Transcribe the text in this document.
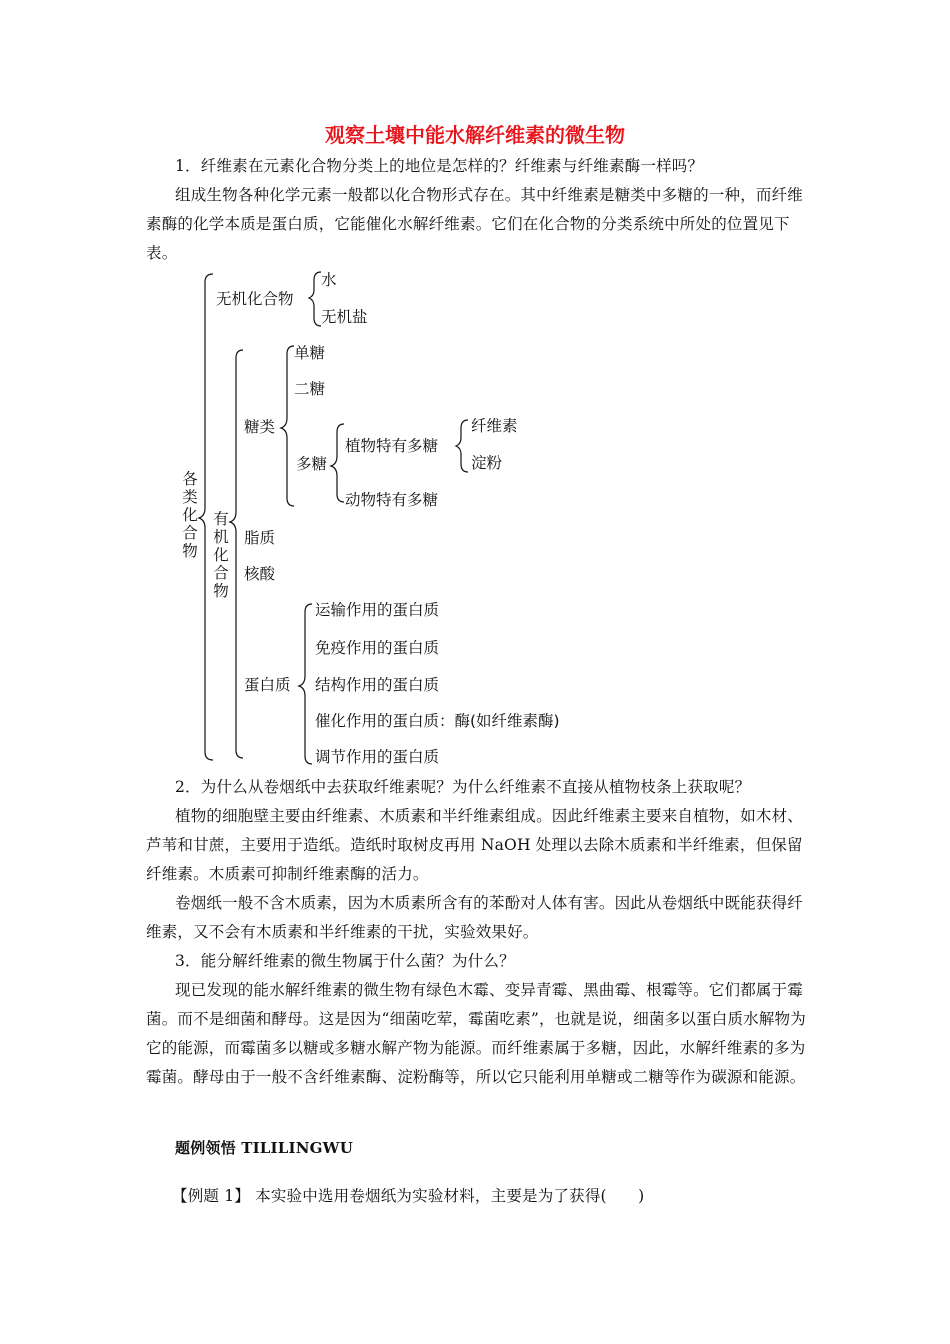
观察土壤中能水解纤维素的微生物
1．纤维素在元素化合物分类上的地位是怎样的？纤维素与纤维素酶一样吗？
组成生物各种化学元素一般都以化合物形式存在。其中纤维素是糖类中多糖的一种，而纤维素酶的化学本质是蛋白质，它能催化水解纤维素。它们在化合物的分类系统中所处的位置见下表。
各类化合物
无机化合物
水
无机盐
有机化合物
糖类
单糖
二糖
多糖
植物特有多糖
纤维素
淀粉
动物特有多糖
脂质
核酸
蛋白质
运输作用的蛋白质
免疫作用的蛋白质
结构作用的蛋白质
催化作用的蛋白质：酶(如纤维素酶)
调节作用的蛋白质
2．为什么从卷烟纸中去获取纤维素呢？为什么纤维素不直接从植物枝条上获取呢？
植物的细胞壁主要由纤维素、木质素和半纤维素组成。因此纤维素主要来自植物，如木材、芦苇和甘蔗，主要用于造纸。造纸时取树皮再用 NaOH 处理以去除木质素和半纤维素，但保留纤维素。木质素可抑制纤维素酶的活力。
卷烟纸一般不含木质素，因为木质素所含有的苯酚对人体有害。因此从卷烟纸中既能获得纤维素，又不会有木质素和半纤维素的干扰，实验效果好。
3．能分解纤维素的微生物属于什么菌？为什么？
现已发现的能水解纤维素的微生物有绿色木霉、变异青霉、黑曲霉、根霉等。它们都属于霉菌。而不是细菌和酵母。这是因为“细菌吃荤，霉菌吃素”，也就是说，细菌多以蛋白质水解物为它的能源，而霉菌多以糖或多糖水解产物为能源。而纤维素属于多糖，因此，水解纤维素的多为霉菌。酵母由于一般不含纤维素酶、淀粉酶等，所以它只能利用单糖或二糖等作为碳源和能源。
题例领悟 TILILINGWU
【例题 1】 本实验中选用卷烟纸为实验材料，主要是为了获得(　　)
